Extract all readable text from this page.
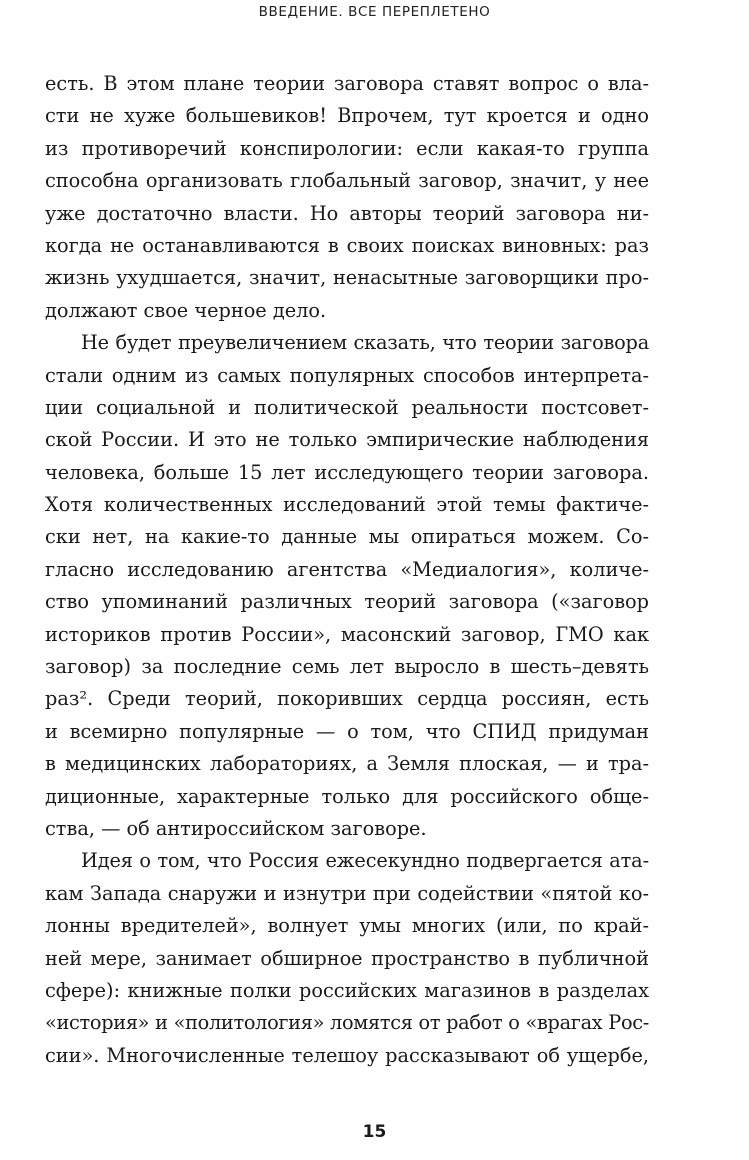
ВВЕДЕНИЕ. ВСЕ ПЕРЕПЛЕТЕНО
есть. В этом плане теории заговора ставят вопрос о вла-
сти не хуже большевиков! Впрочем, тут кроется и одно
из противоречий конспирологии: если какая-то группа
способна организовать глобальный заговор, значит, у нее
уже достаточно власти. Но авторы теорий заговора ни-
когда не останавливаются в своих поисках виновных: раз
жизнь ухудшается, значит, ненасытные заговорщики про-
должают свое черное дело.
Не будет преувеличением сказать, что теории заговора
стали одним из самых популярных способов интерпрета-
ции социальной и политической реальности постсовет-
ской России. И это не только эмпирические наблюдения
человека, больше 15 лет исследующего теории заговора.
Хотя количественных исследований этой темы фактиче-
ски нет, на какие-то данные мы опираться можем. Со-
гласно исследованию агентства «Медиалогия», количе-
ство упоминаний различных теорий заговора («заговор
историков против России», масонский заговор, ГМО как
заговор) за последние семь лет выросло в шесть–девять
раз². Среди теорий, покоривших сердца россиян, есть
и всемирно популярные — о том, что СПИД придуман
в медицинских лабораториях, а Земля плоская, — и тра-
диционные, характерные только для российского обще-
ства, — об антироссийском заговоре.
Идея о том, что Россия ежесекундно подвергается ата-
кам Запада снаружи и изнутри при содействии «пятой ко-
лонны вредителей», волнует умы многих (или, по край-
ней мере, занимает обширное пространство в публичной
сфере): книжные полки российских магазинов в разделах
«история» и «политология» ломятся от работ о «врагах Рос-
сии». Многочисленные телешоу рассказывают об ущербе,
15
